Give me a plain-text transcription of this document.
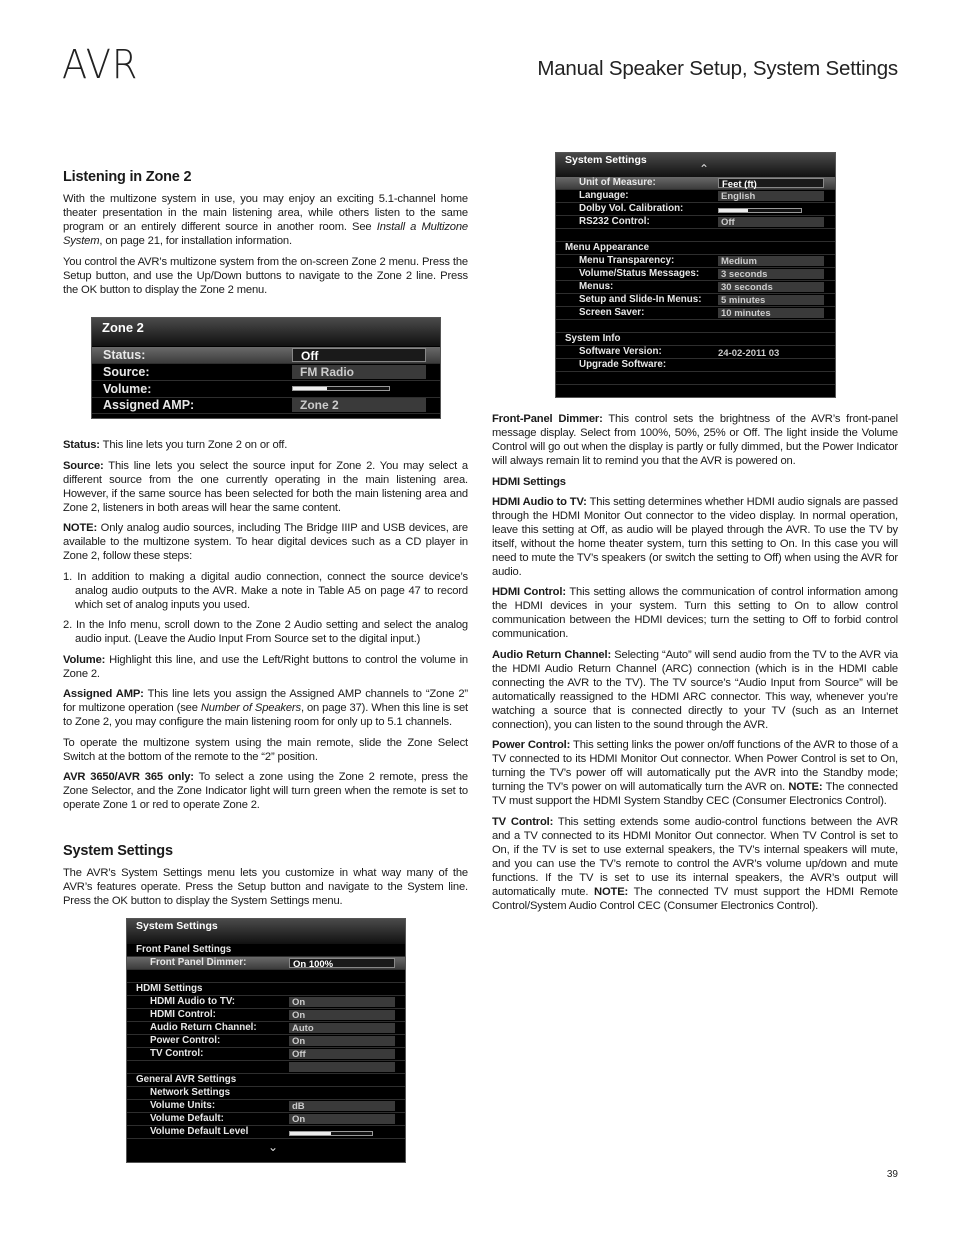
AVR	Manual Speaker Setup, System Settings
Listening in Zone 2

With the multizone system in use, you may enjoy an exciting 5.1-channel home theater presentation in the main listening area, while others listen to the same program or an entirely different source in another room. See Install a Multizone System, on page 21, for installation information.

You control the AVR’s multizone system from the on-screen Zone 2 menu. Press the Setup button, and use the Up/Down buttons to navigate to the Zone 2 line. Press the OK button to display the Zone 2 menu.

Zone 2
Status:	Off
Source:	FM Radio
Volume:
Assigned AMP:	Zone 2

Status: This line lets you turn Zone 2 on or off.

Source: This line lets you select the source input for Zone 2. You may select a different source from the one currently operating in the main listening area. However, if the same source has been selected for both the main listening area and Zone 2, listeners in both areas will hear the same content.

NOTE: Only analog audio sources, including The Bridge IIIP and USB devices, are available to the multizone system. To hear digital devices such as a CD player in Zone 2, follow these steps:

1. In addition to making a digital audio connection, connect the source device’s analog audio outputs to the AVR. Make a note in Table A5 on page 47 to record which set of analog inputs you used.
2. In the Info menu, scroll down to the Zone 2 Audio setting and select the analog audio input. (Leave the Audio Input From Source set to the digital input.)

Volume: Highlight this line, and use the Left/Right buttons to control the volume in Zone 2.

Assigned AMP: This line lets you assign the Assigned AMP channels to “Zone 2” for multizone operation (see Number of Speakers, on page 37). When this line is set to Zone 2, you may configure the main listening room for only up to 5.1 channels.

To operate the multizone system using the main remote, slide the Zone Select Switch at the bottom of the remote to the “2” position.

AVR 3650/AVR 365 only: To select a zone using the Zone 2 remote, press the Zone Selector, and the Zone Indicator light will turn green when the remote is set to operate Zone 1 or red to operate Zone 2.

System Settings

The AVR’s System Settings menu lets you customize in what way many of the AVR’s features operate. Press the Setup button and navigate to the System line. Press the OK button to display the System Settings menu.

System Settings
Front Panel Settings
Front Panel Dimmer:	On 100%
HDMI Settings
HDMI Audio to TV:	On
HDMI Control:	On
Audio Return Channel:	Auto
Power Control:	On
TV Control:	Off
General AVR Settings
Network Settings
Volume Units:	dB
Volume Default:	On
Volume Default Level
⌄
System Settings
⌃
Unit of Measure:	Feet (ft)
Language:	English
Dolby Vol. Calibration:
RS232 Control:	Off
Menu Appearance
Menu Transparency:	Medium
Volume/Status Messages:	3 seconds
Menus:	30 seconds
Setup and Slide-In Menus:	5 minutes
Screen Saver:	10 minutes
System Info
Software Version:	24-02-2011 03
Upgrade Software:

Front-Panel Dimmer: This control sets the brightness of the AVR’s front-panel message display. Select from 100%, 50%, 25% or Off. The light inside the Volume Control will go out when the display is partly or fully dimmed, but the Power Indicator will always remain lit to remind you that the AVR is powered on.

HDMI Settings

HDMI Audio to TV: This setting determines whether HDMI audio signals are passed through the HDMI Monitor Out connector to the video display. In normal operation, leave this setting at Off, as audio will be played through the AVR. To use the TV by itself, without the home theater system, turn this setting to On. In this case you will need to mute the TV’s speakers (or switch the setting to Off) when using the AVR for audio.

HDMI Control: This setting allows the communication of control information among the HDMI devices in your system. Turn this setting to On to allow control communication between the HDMI devices; turn the setting to Off to forbid control communication.

Audio Return Channel: Selecting “Auto” will send audio from the TV to the AVR via the HDMI Audio Return Channel (ARC) connection (which is in the HDMI cable connecting the AVR to the TV). The TV source’s “Audio Input from Source” will be automatically reassigned to the HDMI ARC connector. This way, whenever you’re watching a source that is connected directly to your TV (such as an Internet connection), you can listen to the sound through the AVR.

Power Control: This setting links the power on/off functions of the AVR to those of a TV connected to its HDMI Monitor Out connector. When Power Control is set to On, turning the TV’s power off will automatically put the AVR into the Standby mode; turning the TV’s power on will automatically turn the AVR on. NOTE: The connected TV must support the HDMI System Standby CEC (Consumer Electronics Control).

TV Control: This setting extends some audio-control functions between the AVR and a TV connected to its HDMI Monitor Out connector. When TV Control is set to On, if the TV is set to use external speakers, the TV’s internal speakers will mute, and you can use the TV’s remote to control the AVR’s volume up/down and mute functions. If the TV is set to use its internal speakers, the AVR’s output will automatically mute. NOTE: The connected TV must support the HDMI Remote Control/System Audio Control CEC (Consumer Electronics Control).

39
